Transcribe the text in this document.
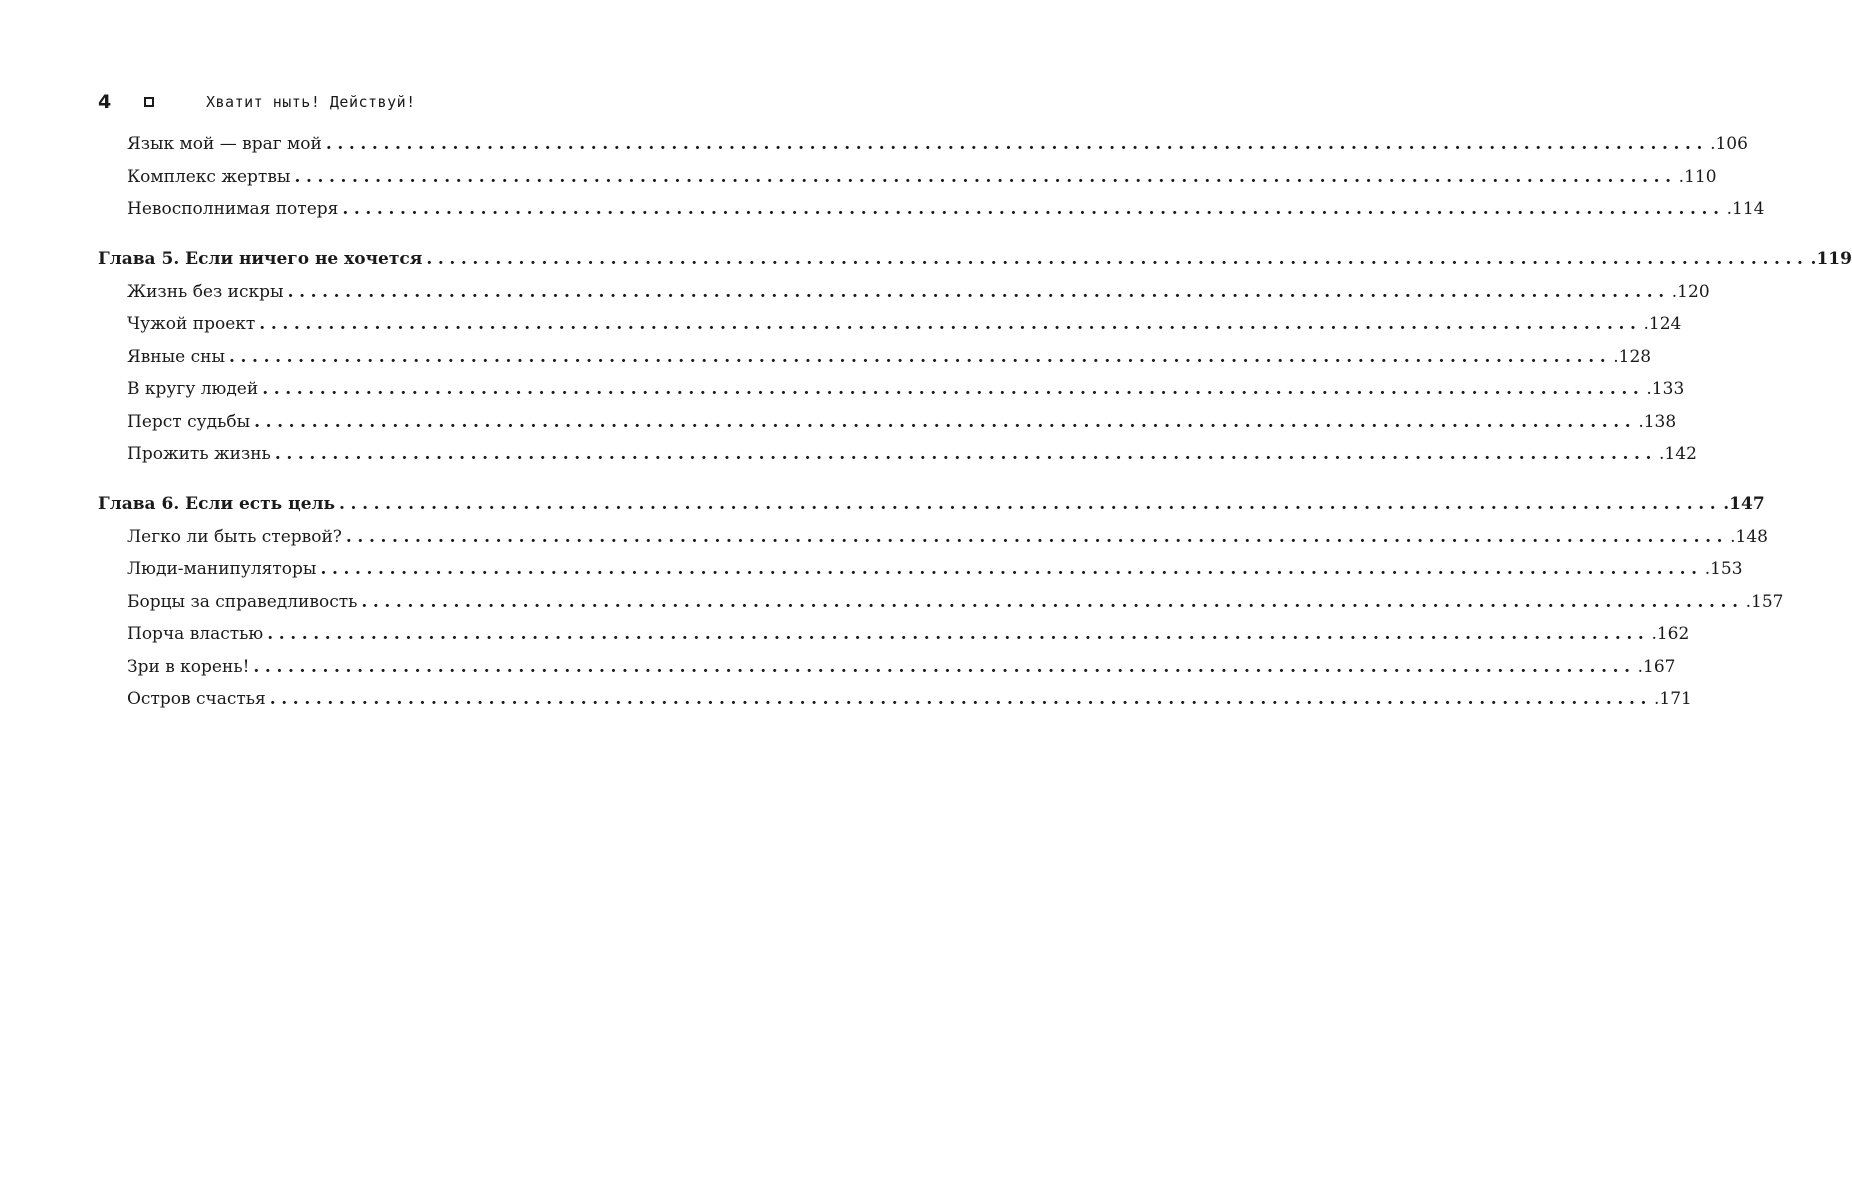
4	Хватит ныть! Действуй!
Язык мой — враг мой ........................................................................................................................ .106
Комплекс жертвы ........................................................................................................................ .110
Невосполнимая потеря ........................................................................................................................ .114
Глава 5. Если ничего не хочется ........................................................................................................................ .119
Жизнь без искры ........................................................................................................................ .120
Чужой проект ........................................................................................................................ .124
Явные сны ........................................................................................................................ .128
В кругу людей ........................................................................................................................ .133
Перст судьбы ........................................................................................................................ .138
Прожить жизнь ........................................................................................................................ .142
Глава 6. Если есть цель ........................................................................................................................ .147
Легко ли быть стервой? ........................................................................................................................ .148
Люди-манипуляторы ........................................................................................................................ .153
Борцы за справедливость ........................................................................................................................ .157
Порча властью ........................................................................................................................ .162
Зри в корень! ........................................................................................................................ .167
Остров счастья ........................................................................................................................ .171
